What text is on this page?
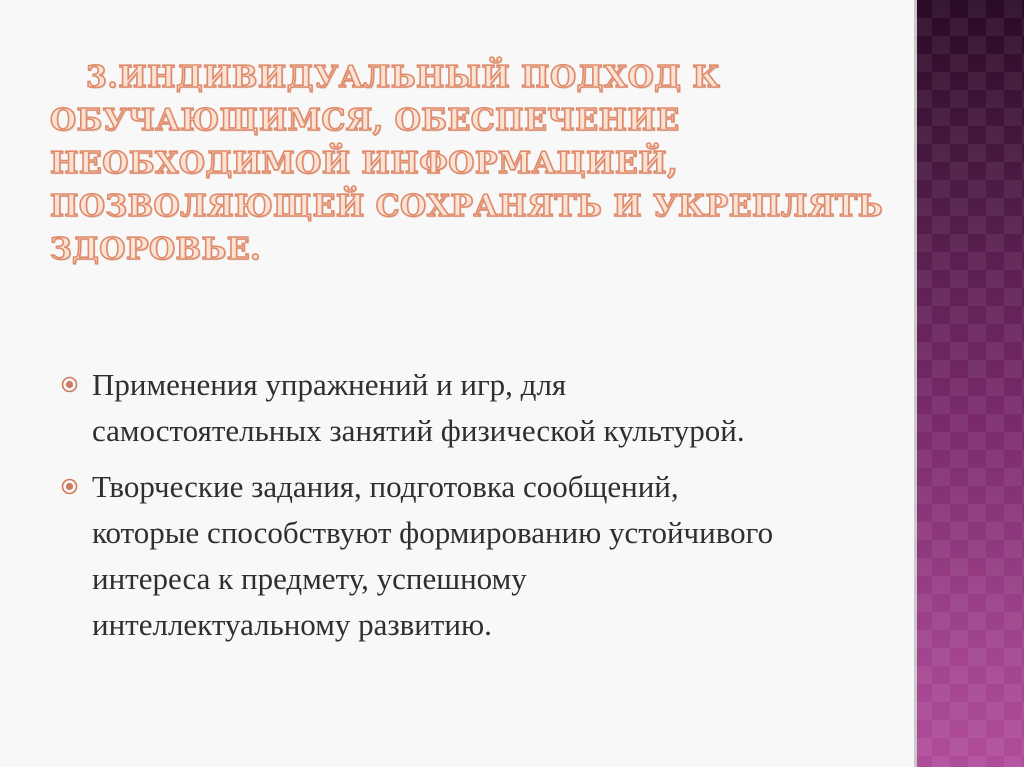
3.ИНДИВИДУАЛЬНЫЙ ПОДХОД К
ОБУЧАЮЩИМСЯ, ОБЕСПЕЧЕНИЕ
НЕОБХОДИМОЙ ИНФОРМАЦИЕЙ,
ПОЗВОЛЯЮЩЕЙ СОХРАНЯТЬ И УКРЕПЛЯТЬ
ЗДОРОВЬЕ.
Применения упражнений и игр, для
самостоятельных занятий физической культурой.
Творческие задания, подготовка сообщений,
которые способствуют формированию устойчивого
интереса к предмету, успешному
интеллектуальному развитию.
